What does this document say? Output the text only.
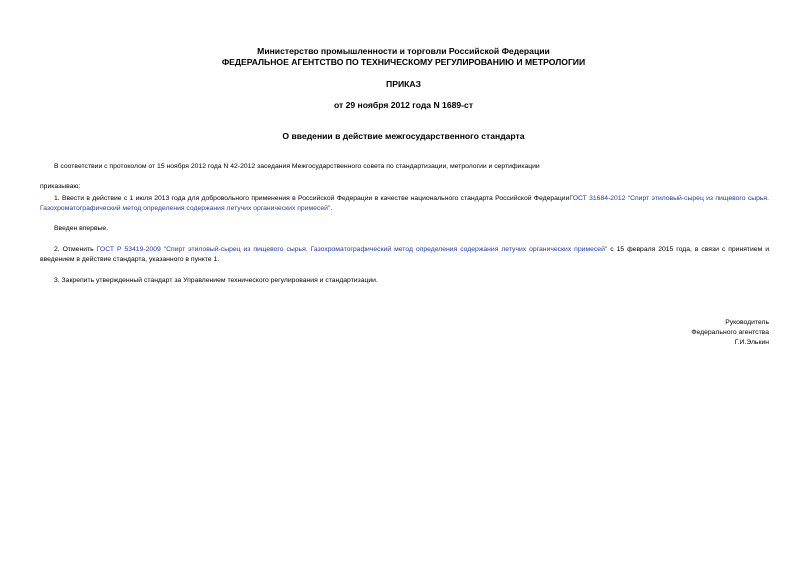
Министерство промышленности и торговли Российской Федерации
ФЕДЕРАЛЬНОЕ АГЕНТСТВО ПО ТЕХНИЧЕСКОМУ РЕГУЛИРОВАНИЮ И МЕТРОЛОГИИ
ПРИКАЗ
от 29 ноября 2012 года N 1689-ст
О введении в действие межгосударственного стандарта
В соответствии с протоколом от 15 ноября 2012 года N 42-2012 заседания Межгосударственного совета по стандартизации, метрологии и сертификации
приказываю:
1. Ввести в действие с 1 июля 2013 года для добровольного применения в Российской Федерации в качестве национального стандарта Российской ФедерацииГОСТ 31684-2012 "Спирт этиловый-сырец из пищевого сырья. Газохроматографический метод определения содержания летучих органических примесей".
Введен впервые.
2. Отменить ГОСТ Р 53419-2009 "Спирт этиловый-сырец из пищевого сырья. Газохроматографический метод определения содержания летучих органических примесей" с 15 февраля 2015 года, в связи с принятием и введением в действие стандарта, указанного в пункте 1.
3. Закрепить утвержденный стандарт за Управлением технического регулирования и стандартизации.
Руководитель
Федерального агентства
Г.И.Элькин
